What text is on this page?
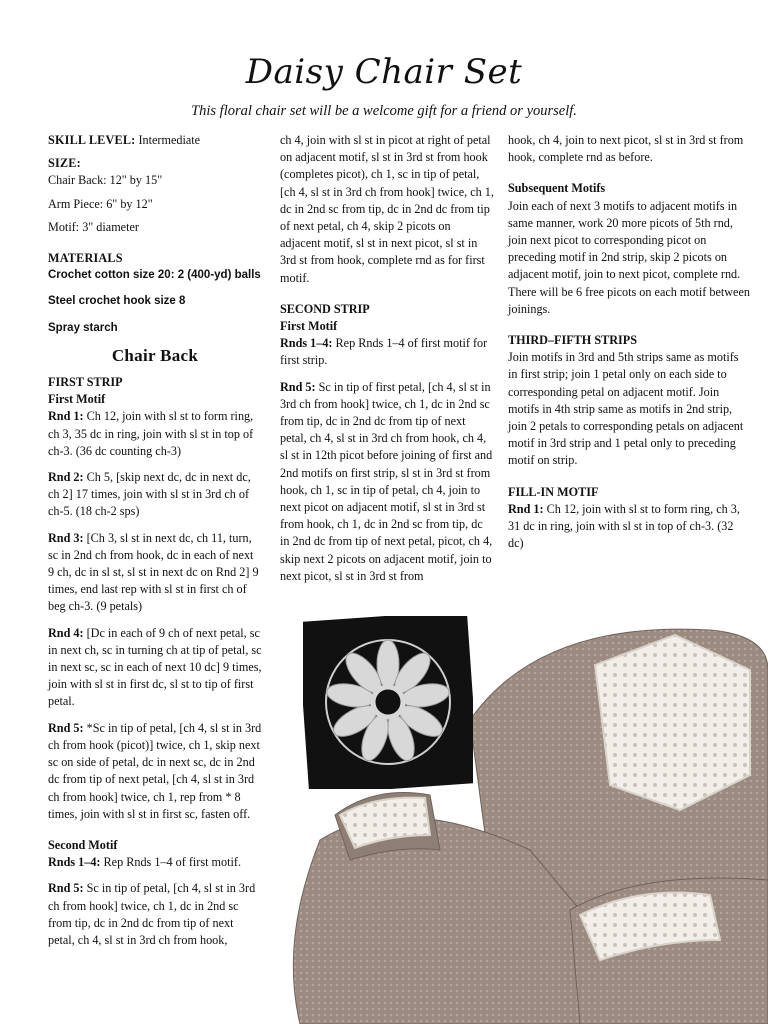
Daisy Chair Set
This floral chair set will be a welcome gift for a friend or yourself.

SKILL LEVEL: Intermediate

SIZE:

Chair Back: 12" by 15"

Arm Piece: 6" by 12"

Motif: 3" diameter

MATERIALS

Crochet cotton size 20: 2 (400-yd) balls

Steel crochet hook size 8

Spray starch

Chair Back

FIRST STRIP

First Motif

Rnd 1: Ch 12, join with sl st to form ring, ch 3, 35 dc in ring, join with sl st in top of ch-3. (36 dc counting ch-3)

Rnd 2: Ch 5, [skip next dc, dc in next dc, ch 2] 17 times, join with sl st in 3rd ch of ch-5. (18 ch-2 sps)

Rnd 3: [Ch 3, sl st in next dc, ch 11, turn, sc in 2nd ch from hook, dc in each of next 9 ch, dc in sl st, sl st in next dc on Rnd 2] 9 times, end last rep with sl st in first ch of beg ch-3. (9 petals)

Rnd 4: [Dc in each of 9 ch of next petal, sc in next ch, sc in turning ch at tip of petal, sc in next sc, sc in each of next 10 dc] 9 times, join with sl st in first dc, sl st to tip of first petal.

Rnd 5: *Sc in tip of petal, [ch 4, sl st in 3rd ch from hook (picot)] twice, ch 1, skip next sc on side of petal, dc in next sc, dc in 2nd dc from tip of next petal, [ch 4, sl st in 3rd ch from hook] twice, ch 1, rep from * 8 times, join with sl st in first sc, fasten off.

Second Motif

Rnds 1–4: Rep Rnds 1–4 of first motif.

Rnd 5: Sc in tip of petal, [ch 4, sl st in 3rd ch from hook] twice, ch 1, dc in 2nd sc from tip, dc in 2nd dc from tip of next petal, ch 4, sl st in 3rd ch from hook,

ch 4, join with sl st in picot at right of petal on adjacent motif, sl st in 3rd st from hook (completes picot), ch 1, sc in tip of petal, [ch 4, sl st in 3rd ch from hook] twice, ch 1, dc in 2nd sc from tip, dc in 2nd dc from tip of next petal, ch 4, skip 2 picots on adjacent motif, sl st in next picot, sl st in 3rd st from hook, complete rnd as for first motif.

SECOND STRIP

First Motif

Rnds 1–4: Rep Rnds 1–4 of first motif for first strip.

Rnd 5: Sc in tip of first petal, [ch 4, sl st in 3rd ch from hook] twice, ch 1, dc in 2nd sc from tip, dc in 2nd dc from tip of next petal, ch 4, sl st in 3rd ch from hook, ch 4, sl st in 12th picot before joining of first and 2nd motifs on first strip, sl st in 3rd st from hook, ch 1, sc in tip of petal, ch 4, join to next picot on adjacent motif, sl st in 3rd st from hook, ch 1, dc in 2nd sc from tip, dc in 2nd dc from tip of next petal, picot, ch 4, skip next 2 picots on adjacent motif, join to next picot, sl st in 3rd st from

hook, ch 4, join to next picot, sl st in 3rd st from hook, complete rnd as before.

Subsequent Motifs

Join each of next 3 motifs to adjacent motifs in same manner, work 20 more picots of 5th rnd, join next picot to corresponding picot on preceding motif in 2nd strip, skip 2 picots on adjacent motif, join to next picot, complete rnd. There will be 6 free picots on each motif between joinings.

THIRD–FIFTH STRIPS

Join motifs in 3rd and 5th strips same as motifs in first strip; join 1 petal only on each side to corresponding petal on adjacent motif. Join motifs in 4th strip same as motifs in 2nd strip, join 2 petals to corresponding petals on adjacent motif in 3rd strip and 1 petal only to preceding motif on strip.

FILL-IN MOTIF

Rnd 1: Ch 12, join with sl st to form ring, ch 3, 31 dc in ring, join with sl st in top of ch-3. (32 dc)
